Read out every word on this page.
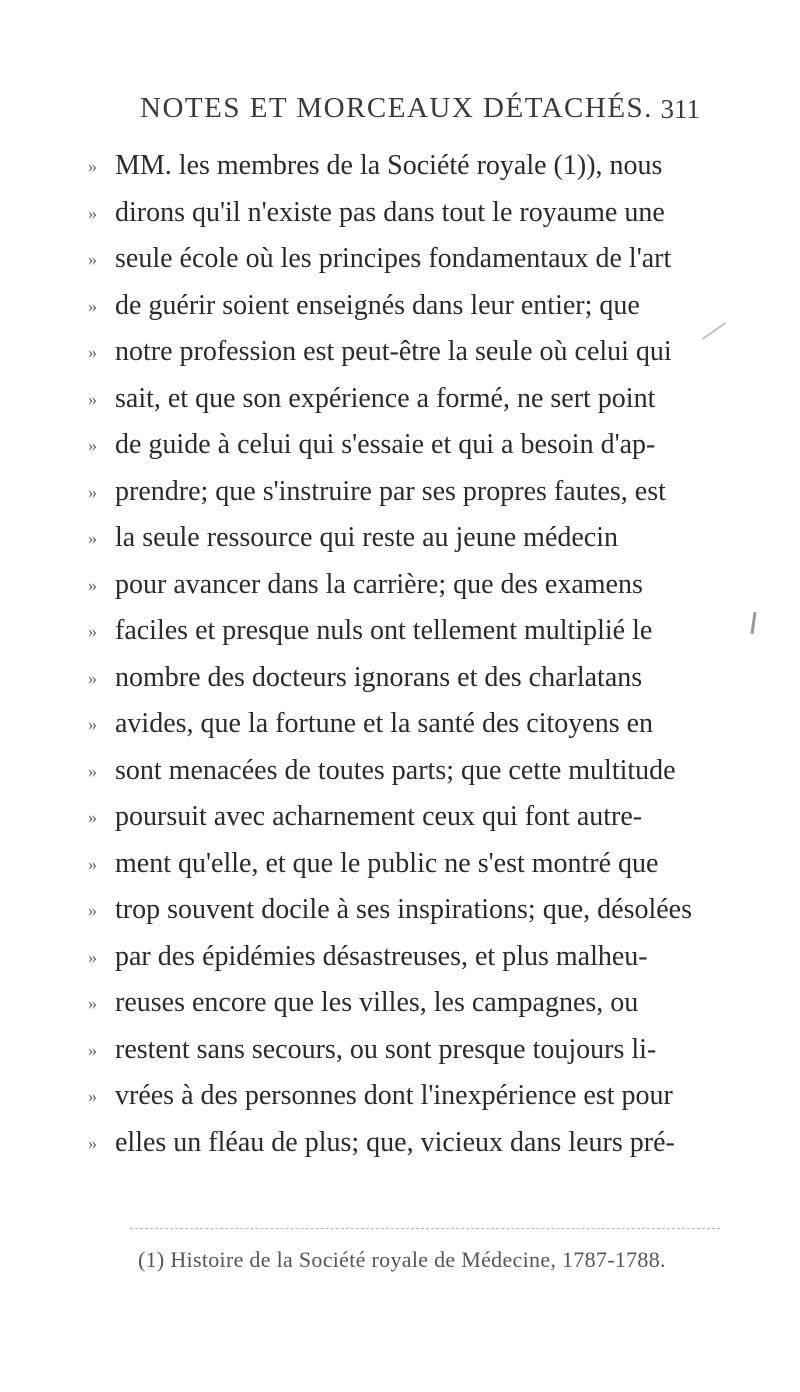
NOTES ET MORCEAUX DÉTACHÉS. 311
» MM. les membres de la Société royale (1)), nous
» dirons qu'il n'existe pas dans tout le royaume une
» seule école où les principes fondamentaux de l'art
» de guérir soient enseignés dans leur entier; que
» notre profession est peut-être la seule où celui qui
» sait, et que son expérience a formé, ne sert point
» de guide à celui qui s'essaie et qui a besoin d'ap-
» prendre; que s'instruire par ses propres fautes, est
» la seule ressource qui reste au jeune médecin
» pour avancer dans la carrière; que des examens
» faciles et presque nuls ont tellement multiplié le
» nombre des docteurs ignorans et des charlatans
» avides, que la fortune et la santé des citoyens en
» sont menacées de toutes parts; que cette multitude
» poursuit avec acharnement ceux qui font autre-
» ment qu'elle, et que le public ne s'est montré que
» trop souvent docile à ses inspirations; que, désolées
» par des épidémies désastreuses, et plus malheu-
» reuses encore que les villes, les campagnes, ou
» restent sans secours, ou sont presque toujours li-
» vrées à des personnes dont l'inexpérience est pour
» elles un fléau de plus; que, vicieux dans leurs pré-
(1) Histoire de la Société royale de Médecine, 1787-1788.
